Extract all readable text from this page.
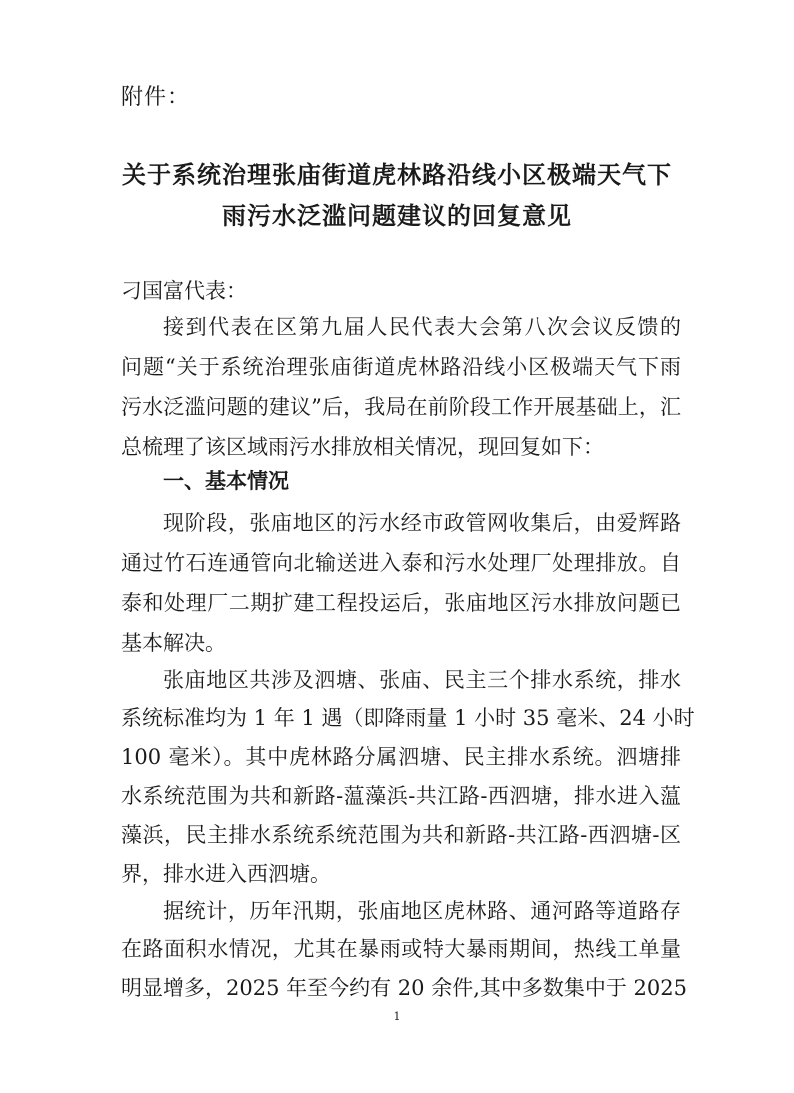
附件：
关于系统治理张庙街道虎林路沿线小区极端天气下
雨污水泛滥问题建议的回复意见
刁国富代表：
接到代表在区第九届人民代表大会第八次会议反馈的
问题“关于系统治理张庙街道虎林路沿线小区极端天气下雨
污水泛滥问题的建议”后，我局在前阶段工作开展基础上，汇
总梳理了该区域雨污水排放相关情况，现回复如下：
一、基本情况
现阶段，张庙地区的污水经市政管网收集后，由爱辉路
通过竹石连通管向北输送进入泰和污水处理厂处理排放。自
泰和处理厂二期扩建工程投运后，张庙地区污水排放问题已
基本解决。
张庙地区共涉及泗塘、张庙、民主三个排水系统，排水
系统标准均为 1 年 1 遇（即降雨量 1 小时 35 毫米、24 小时
100 毫米）。其中虎林路分属泗塘、民主排水系统。泗塘排
水系统范围为共和新路-蕰藻浜-共江路-西泗塘，排水进入蕰
藻浜，民主排水系统系统范围为共和新路-共江路-西泗塘-区
界，排水进入西泗塘。
据统计，历年汛期，张庙地区虎林路、通河路等道路存
在路面积水情况，尤其在暴雨或特大暴雨期间，热线工单量
明显增多，2025 年至今约有 20 余件,其中多数集中于 2025
1
